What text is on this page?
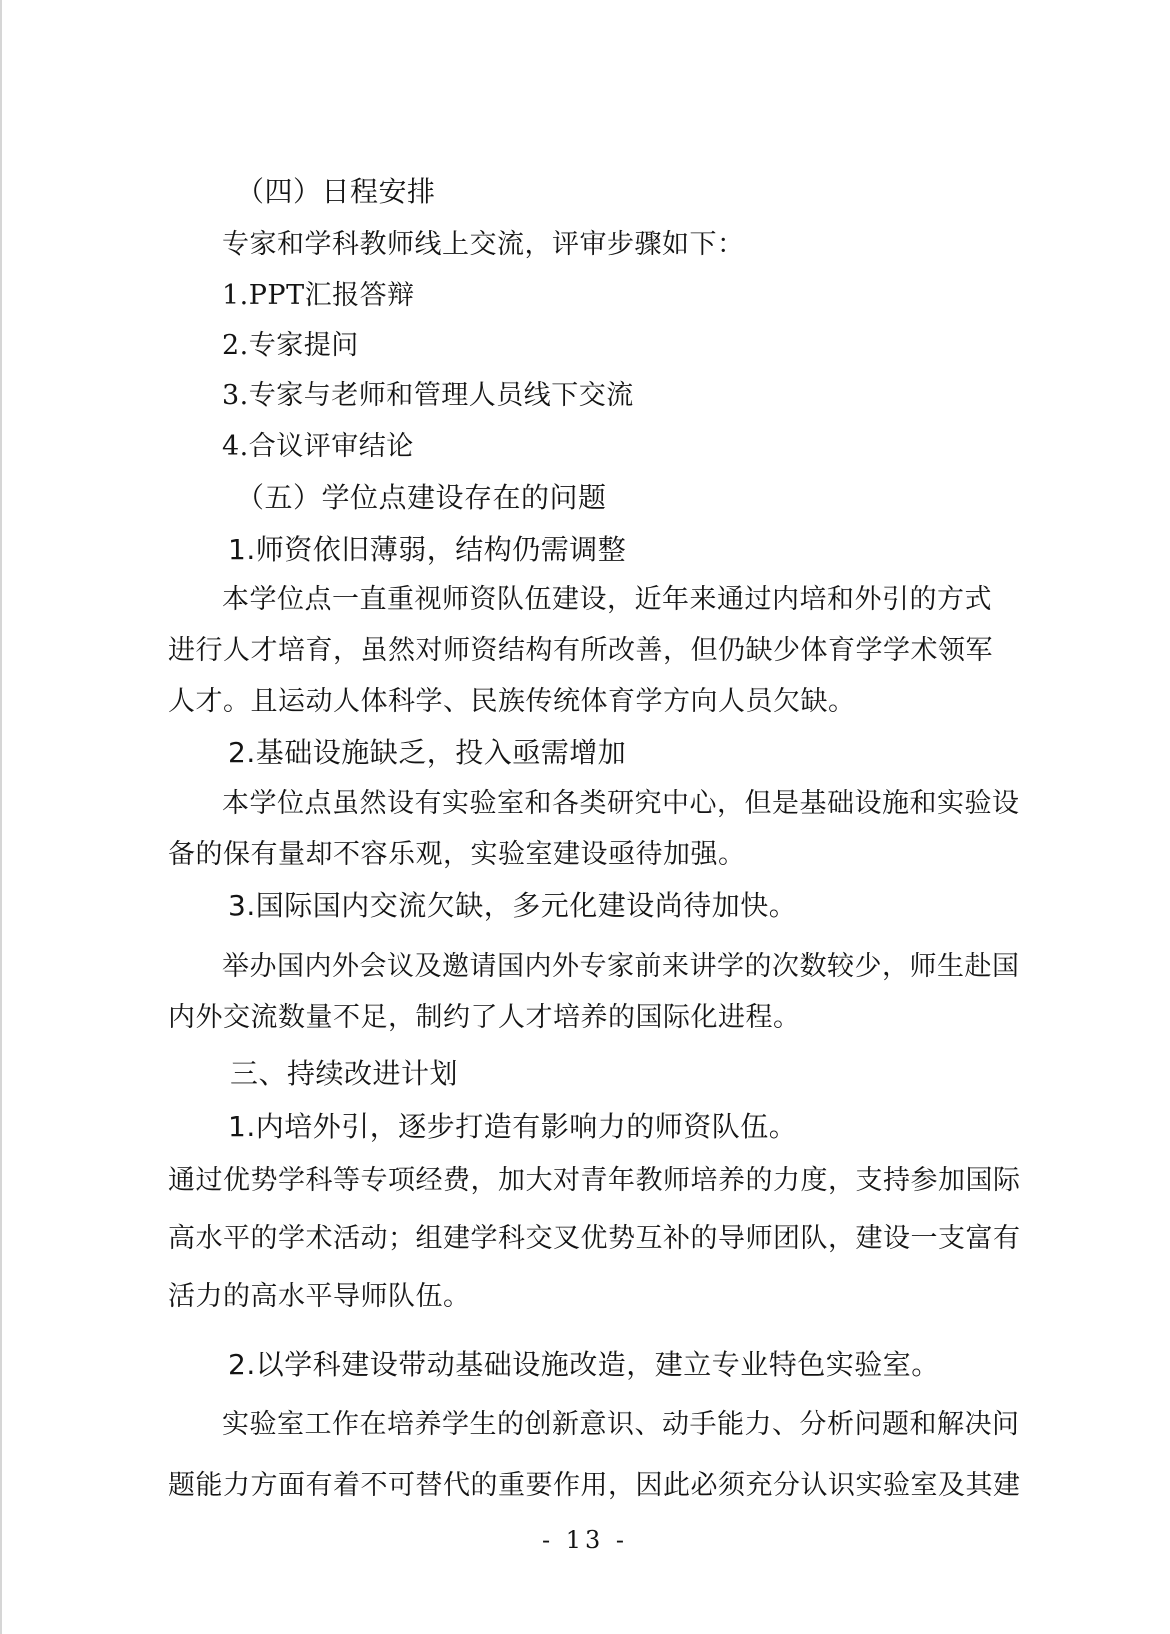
（四）日程安排
专家和学科教师线上交流，评审步骤如下：
1.PPT汇报答辩
2.专家提问
3.专家与老师和管理人员线下交流
4.合议评审结论
（五）学位点建设存在的问题
1.师资依旧薄弱，结构仍需调整
本学位点一直重视师资队伍建设，近年来通过内培和外引的方式
进行人才培育，虽然对师资结构有所改善，但仍缺少体育学学术领军
人才。且运动人体科学、民族传统体育学方向人员欠缺。
2.基础设施缺乏，投入亟需增加
本学位点虽然设有实验室和各类研究中心，但是基础设施和实验设
备的保有量却不容乐观，实验室建设亟待加强。
3.国际国内交流欠缺，多元化建设尚待加快。
举办国内外会议及邀请国内外专家前来讲学的次数较少，师生赴国
内外交流数量不足，制约了人才培养的国际化进程。
三、持续改进计划
1.内培外引，逐步打造有影响力的师资队伍。
通过优势学科等专项经费，加大对青年教师培养的力度，支持参加国际
高水平的学术活动；组建学科交叉优势互补的导师团队，建设一支富有
活力的高水平导师队伍。
2.以学科建设带动基础设施改造，建立专业特色实验室。
实验室工作在培养学生的创新意识、动手能力、分析问题和解决问
题能力方面有着不可替代的重要作用，因此必须充分认识实验室及其建
- 13 -
